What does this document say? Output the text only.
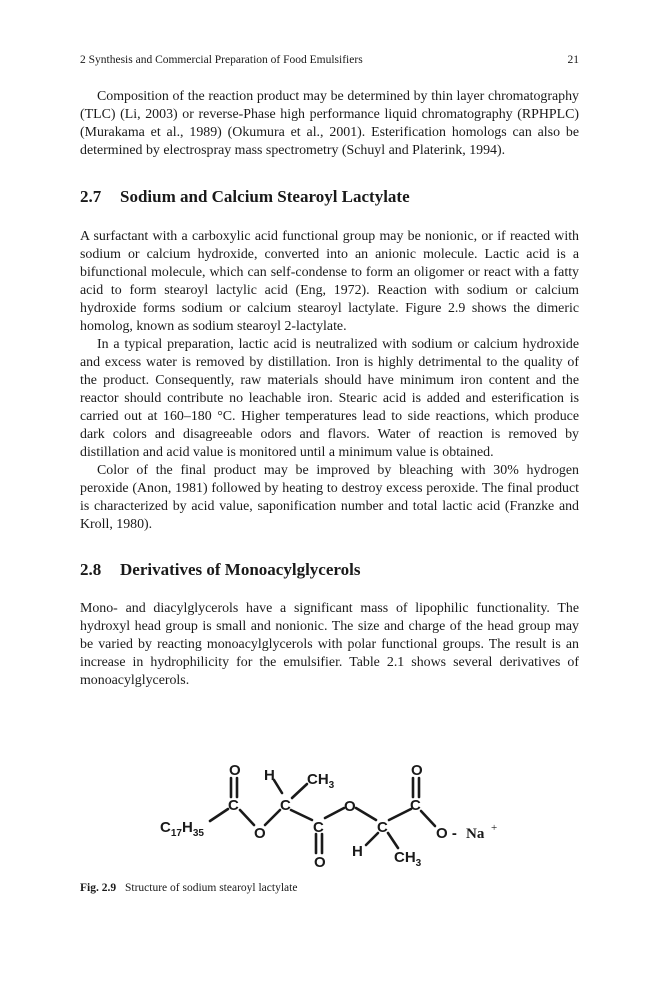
2 Synthesis and Commercial Preparation of Food Emulsifiers	21

Composition of the reaction product may be determined by thin layer chromatography (TLC) (Li, 2003) or reverse-Phase high performance liquid chromatography (RPHPLC) (Murakama et al., 1989) (Okumura et al., 2001). Esterification homologs can also be determined by electrospray mass spectrometry (Schuyl and Platerink, 1994).

2.7 Sodium and Calcium Stearoyl Lactylate

A surfactant with a carboxylic acid functional group may be nonionic, or if reacted with sodium or calcium hydroxide, converted into an anionic molecule. Lactic acid is a bifunctional molecule, which can self-condense to form an oligomer or react with a fatty acid to form stearoyl lactylic acid (Eng, 1972). Reaction with sodium or calcium hydroxide forms sodium or calcium stearoyl lactylate. Figure 2.9 shows the dimeric homolog, known as sodium stearoyl 2-lactylate.

In a typical preparation, lactic acid is neutralized with sodium or calcium hydroxide and excess water is removed by distillation. Iron is highly detrimental to the quality of the product. Consequently, raw materials should have minimum iron content and the reactor should contribute no leachable iron. Stearic acid is added and esterification is carried out at 160–180 °C. Higher temperatures lead to side reactions, which produce dark colors and disagreeable odors and flavors. Water of reaction is removed by distillation and acid value is monitored until a minimum value is obtained.

Color of the final product may be improved by bleaching with 30% hydrogen peroxide (Anon, 1981) followed by heating to destroy excess peroxide. The final product is characterized by acid value, saponification number and total lactic acid (Franzke and Kroll, 1980).

2.8 Derivatives of Monoacylglycerols

Mono- and diacylglycerols have a significant mass of lipophilic functionality. The hydroxyl head group is small and nonionic. The size and charge of the head group may be varied by reacting monoacylglycerols with polar functional groups. The result is an increase in hydrophilicity for the emulsifier. Table 2.1 shows several derivatives of monoacylglycerols.

$C_{17}H_{35}$
O
C
O
H
C
$CH_3$
C
O
O
C
H $CH_3$
O
C
O - Na +
Fig. 2.9 Structure of sodium stearoyl lactylate
